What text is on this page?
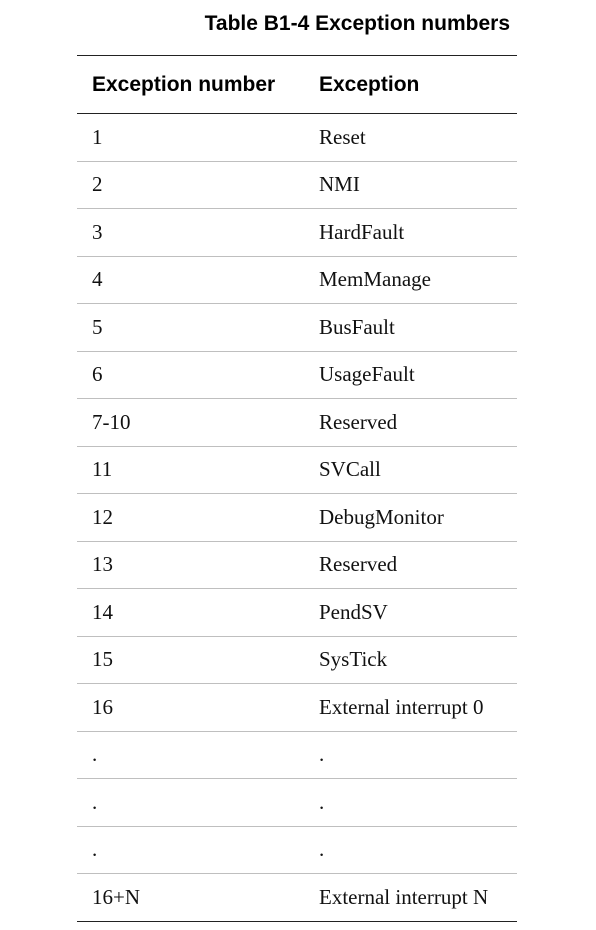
Table B1-4 Exception numbers
Exception number	Exception
1	Reset
2	NMI
3	HardFault
4	MemManage
5	BusFault
6	UsageFault
7-10	Reserved
11	SVCall
12	DebugMonitor
13	Reserved
14	PendSV
15	SysTick
16	External interrupt 0
.	.
.	.
.	.
16+N	External interrupt N
